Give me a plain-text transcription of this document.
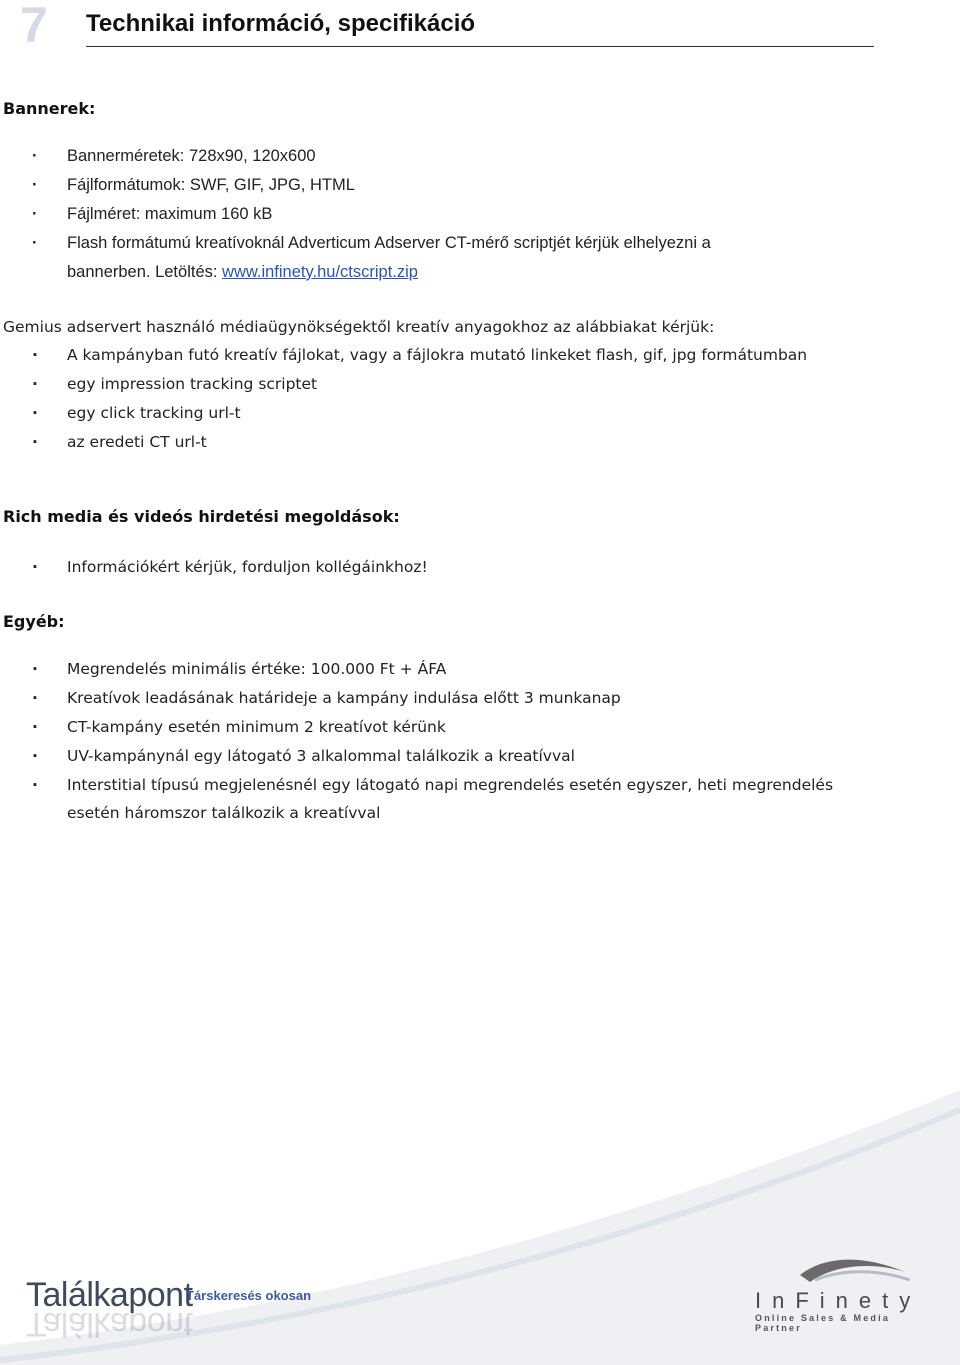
7 Technikai információ, specifikáció
Bannerek:
· Bannerméretek: 728x90, 120x600
· Fájlformátumok: SWF, GIF, JPG, HTML
· Fájlméret: maximum 160 kB
· Flash formátumú kreatívoknál Adverticum Adserver CT-mérő scriptjét kérjük elhelyezni a
bannerben. Letöltés: www.infinety.hu/ctscript.zip
Gemius adservert használó médiaügynökségektől kreatív anyagokhoz az alábbiakat kérjük:
· A kampányban futó kreatív fájlokat, vagy a fájlokra mutató linkeket flash, gif, jpg formátumban
· egy impression tracking scriptet
· egy click tracking url-t
· az eredeti CT url-t
Rich media és videós hirdetési megoldások:
· Információkért kérjük, forduljon kollégáinkhoz!
Egyéb:
· Megrendelés minimális értéke: 100.000 Ft + ÁFA
· Kreatívok leadásának határideje a kampány indulása előtt 3 munkanap
· CT-kampány esetén minimum 2 kreatívot kérünk
· UV-kampánynál egy látogató 3 alkalommal találkozik a kreatívval
· Interstitial típusú megjelenésnél egy látogató napi megrendelés esetén egyszer, heti megrendelés
esetén háromszor találkozik a kreatívval
Találkapont
Találkapont
Társkeresés okosan	InFinety
Online Sales & Media Partner
